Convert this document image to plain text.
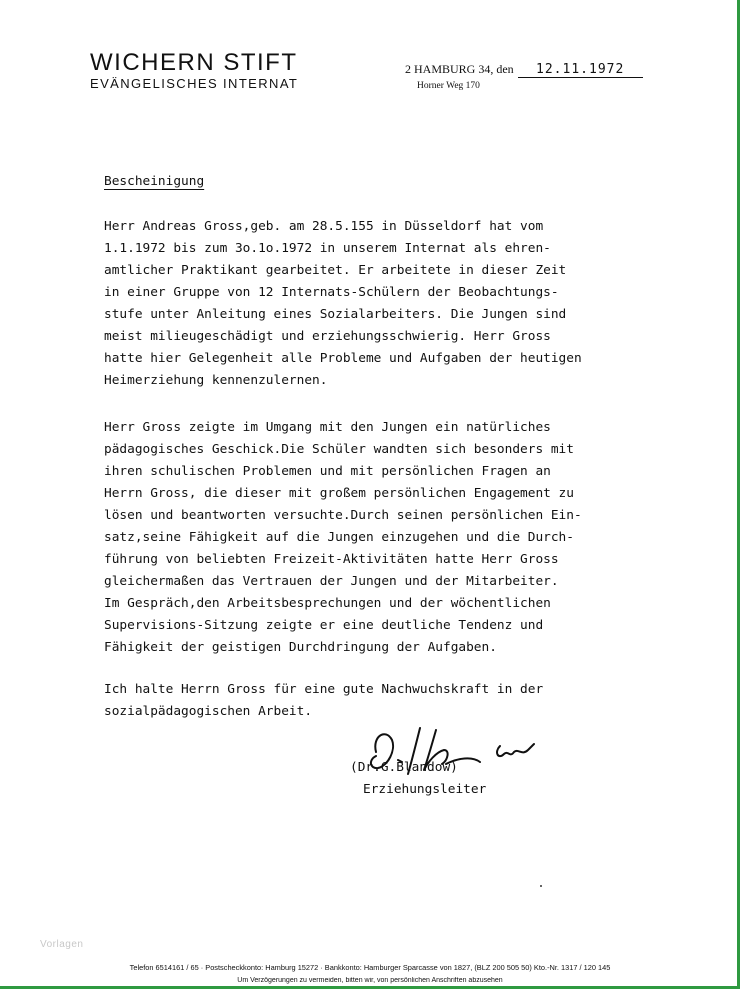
WICHERN STIFT
EVÄNGELISCHES INTERNAT
2 HAMBURG 34, den 12.11.1972
Horner Weg 170
Bescheinigung
Herr Andreas Gross,geb. am 28.5.155 in Düsseldorf hat vom
1.1.1972 bis zum 3o.1o.1972 in unserem Internat als ehren-
amtlicher Praktikant gearbeitet. Er arbeitete in dieser Zeit
in einer Gruppe von 12 Internats-Schülern der Beobachtungs-
stufe unter Anleitung eines Sozialarbeiters. Die Jungen sind
meist milieugeschädigt und erziehungsschwierig. Herr Gross
hatte hier Gelegenheit alle Probleme und Aufgaben der heutigen
Heimerziehung kennenzulernen.
Herr Gross zeigte im Umgang mit den Jungen ein natürliches
pädagogisches Geschick.Die Schüler wandten sich besonders mit
ihren schulischen Problemen und mit persönlichen Fragen an
Herrn Gross, die dieser mit großem persönlichen Engagement zu
lösen und beantworten versuchte.Durch seinen persönlichen Ein-
satz,seine Fähigkeit auf die Jungen einzugehen und die Durch-
führung von beliebten Freizeit-Aktivitäten hatte Herr Gross
gleichermaßen das Vertrauen der Jungen und der Mitarbeiter.
Im Gespräch,den Arbeitsbesprechungen und der wöchentlichen
Supervisions-Sitzung zeigte er eine deutliche Tendenz und
Fähigkeit der geistigen Durchdringung der Aufgaben.
Ich halte Herrn Gross für eine gute Nachwuchskraft in der
sozialpädagogischen Arbeit.
(Dr.G.Blandow)
Erziehungsleiter
Vorlagen
Telefon 6514161 / 65 · Postscheckkonto: Hamburg 15272 · Bankkonto: Hamburger Sparcasse von 1827, (BLZ 200 505 50) Kto.-Nr. 1317 / 120 145
Um Verzögerungen zu vermeiden, bitten wir, von persönlichen Anschriften abzusehen
